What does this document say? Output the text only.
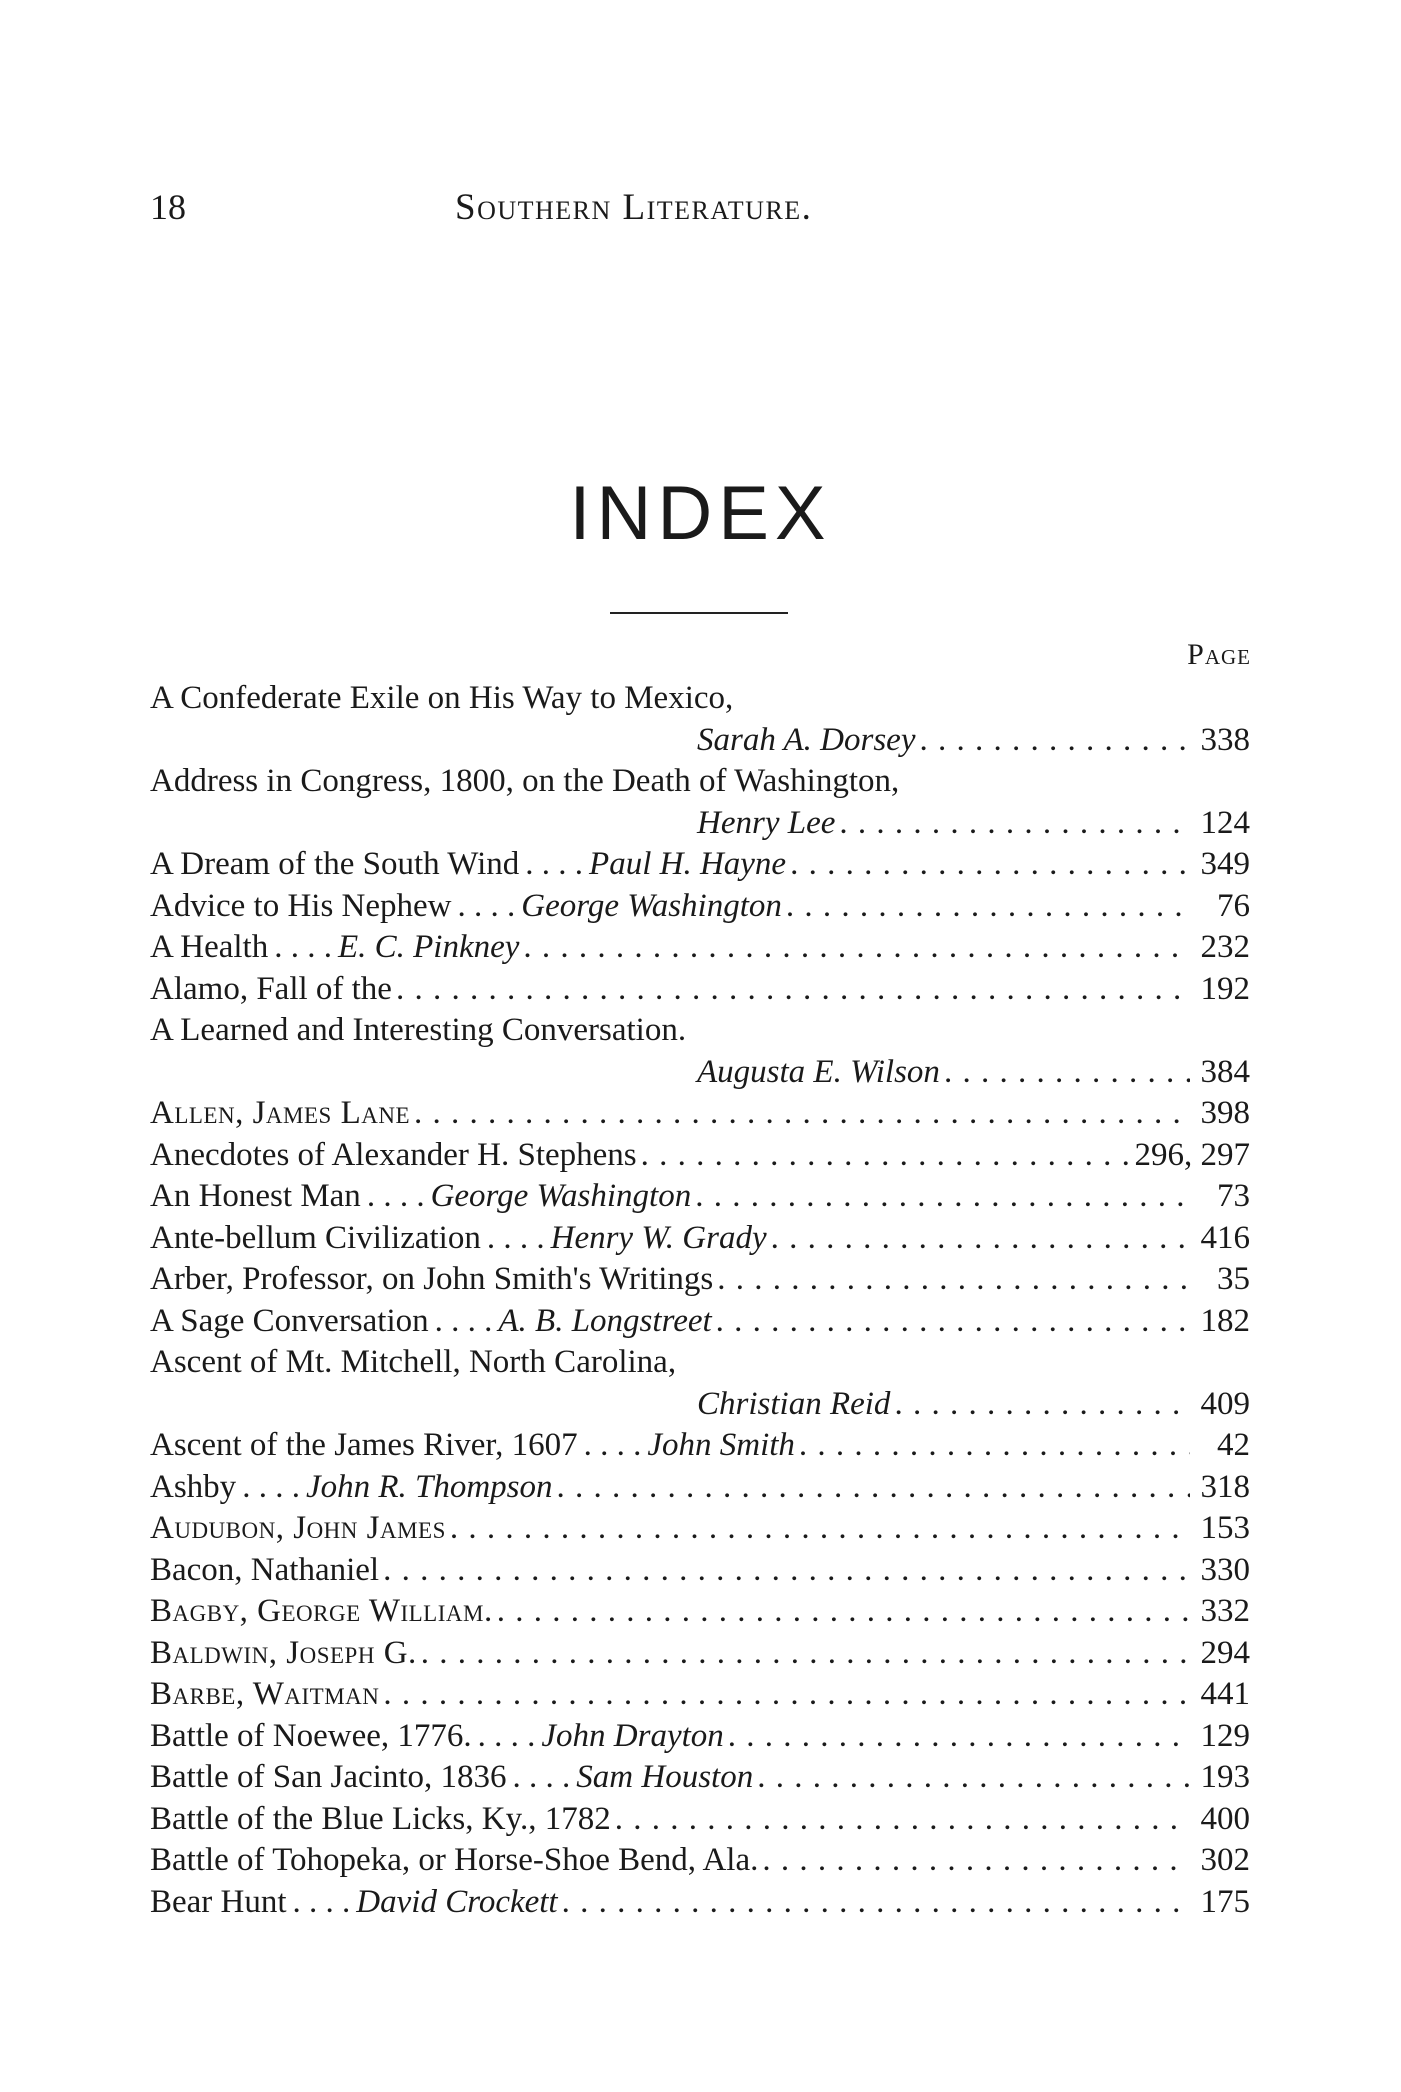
18	Southern Literature.
INDEX
Page
A Confederate Exile on His Way to Mexico,
Sarah A. Dorsey . . .	338
Address in Congress, 1800, on the Death of Washington,
Henry Lee . . .	124
A Dream of the South Wind . . . . Paul H. Hayne . . .	349
Advice to His Nephew . . . . George Washington . . .	76
A Health . . . . E. C. Pinkney . . .	232
Alamo, Fall of the . . .	192
A Learned and Interesting Conversation.
Augusta E. Wilson . . .	384
Allen, James Lane . . .	398
Anecdotes of Alexander H. Stephens . . .	296, 297
An Honest Man . . . . George Washington . . .	73
Ante-bellum Civilization . . . . Henry W. Grady . . .	416
Arber, Professor, on John Smith's Writings . . .	35
A Sage Conversation . . . . A. B. Longstreet . . .	182
Ascent of Mt. Mitchell, North Carolina,
Christian Reid . . .	409
Ascent of the James River, 1607 . . . . John Smith . . .	42
Ashby . . . . John R. Thompson . . .	318
Audubon, John James . . .	153
Bacon, Nathaniel . . .	330
Bagby, George William. . . .	332
Baldwin, Joseph G. . . .	294
Barbe, Waitman . . .	441
Battle of Noewee, 1776. . . . . John Drayton . . .	129
Battle of San Jacinto, 1836 . . . . Sam Houston . . .	193
Battle of the Blue Licks, Ky., 1782 . . .	400
Battle of Tohopeka, or Horse-Shoe Bend, Ala. . . .	302
Bear Hunt . . . . David Crockett . . .	175
